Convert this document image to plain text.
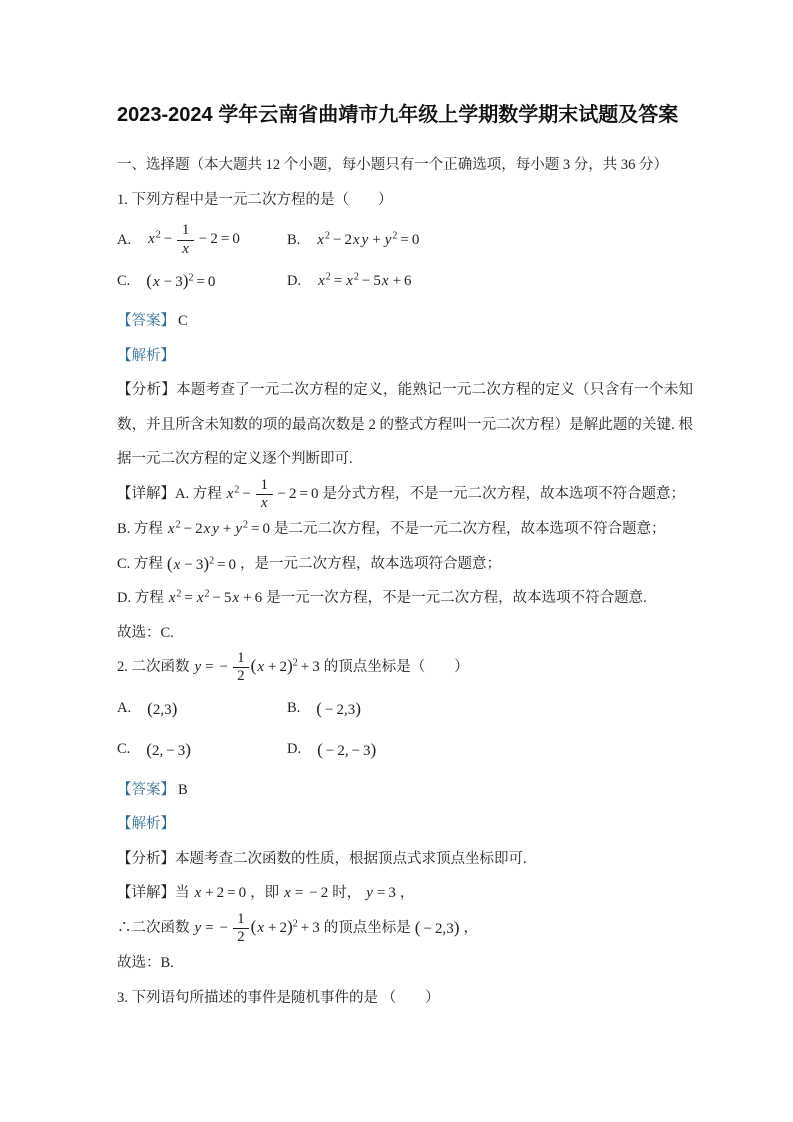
2023-2024 学年云南省曲靖市九年级上学期数学期末试题及答案

一、选择题（本大题共 12 个小题，每小题只有一个正确选项，每小题 3 分，共 36 分）

1. 下列方程中是一元二次方程的是（　　）

A. $x^2 - \frac{1}{x} - 2 = 0$	B. $x^2 - 2x$ $y + y^2 = 0$
C. $(x - 3)^2 = 0$	D. $x^2 = x^2 - 5x + 6$

【答案】 C

【解析】

【分析】本题考查了一元二次方程的定义，能熟记一元二次方程的定义（只含有一个未知数，并且所含未知数的项的最高次数是 2 的整式方程叫一元二次方程）是解此题的关键. 根据一元二次方程的定义逐个判断即可.

【详解】A. 方程 $x^2 - \frac{1}{x} - 2 = 0$ 是分式方程，不是一元二次方程，故本选项不符合题意；

B. 方程 $x^2 - 2x$ $y + y^2 = 0$ 是二元二次方程，不是一元二次方程，故本选项不符合题意；

C. 方程 $(x - 3)^2 = 0$ ，是一元二次方程，故本选项符合题意；

D. 方程 $x^2 = x^2 - 5x + 6$ 是一元一次方程，不是一元二次方程，故本选项不符合题意.

故选：C.

2. 二次函数 y = − $\frac{1}{2} (x + 2)^2 + 3$ 的顶点坐标是（　　）

A. (2,3)	B. ( − 2,3)
C. (2, − 3)	D. ( − 2, − 3)

【答案】 B

【解析】

【分析】本题考查二次函数的性质，根据顶点式求顶点坐标即可.

【详解】当 x + 2 = 0 ，即 x = − 2 时， y = 3 ，

∴二次函数 y = − $\frac{1}{2} (x + 2)^2 + 3$ 的顶点坐标是 ( − 2,3) ，

故选：B.

3. 下列语句所描述的事件是随机事件的是 （　　）
